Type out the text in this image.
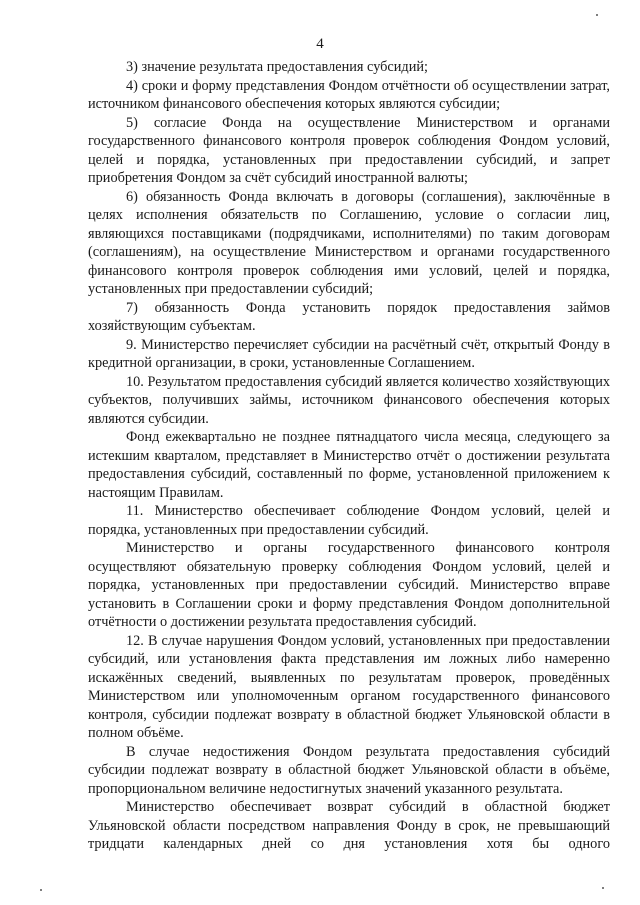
4

3) значение результата предоставления субсидий;

4) сроки и форму представления Фондом отчётности об осуществлении затрат, источником финансового обеспечения которых являются субсидии;

5) согласие Фонда на осуществление Министерством и органами государственного финансового контроля проверок соблюдения Фондом условий, целей и порядка, установленных при предоставлении субсидий, и запрет приобретения Фондом за счёт субсидий иностранной валюты;

6) обязанность Фонда включать в договоры (соглашения), заключённые в целях исполнения обязательств по Соглашению, условие о согласии лиц, являющихся поставщиками (подрядчиками, исполнителями) по таким договорам (соглашениям), на осуществление Министерством и органами государственного финансового контроля проверок соблюдения ими условий, целей и порядка, установленных при предоставлении субсидий;

7) обязанность Фонда установить порядок предоставления займов хозяйствующим субъектам.

9. Министерство перечисляет субсидии на расчётный счёт, открытый Фонду в кредитной организации, в сроки, установленные Соглашением.

10. Результатом предоставления субсидий является количество хозяйствующих субъектов, получивших займы, источником финансового обеспечения которых являются субсидии.

Фонд ежеквартально не позднее пятнадцатого числа месяца, следующего за истекшим кварталом, представляет в Министерство отчёт о достижении результата предоставления субсидий, составленный по форме, установленной приложением к настоящим Правилам.

11. Министерство обеспечивает соблюдение Фондом условий, целей и порядка, установленных при предоставлении субсидий.

Министерство и органы государственного финансового контроля осуществляют обязательную проверку соблюдения Фондом условий, целей и порядка, установленных при предоставлении субсидий. Министерство вправе установить в Соглашении сроки и форму представления Фондом дополнительной отчётности о достижении результата предоставления субсидий.

12. В случае нарушения Фондом условий, установленных при предоставлении субсидий, или установления факта представления им ложных либо намеренно искажённых сведений, выявленных по результатам проверок, проведённых Министерством или уполномоченным органом государственного финансового контроля, субсидии подлежат возврату в областной бюджет Ульяновской области в полном объёме.

В случае недостижения Фондом результата предоставления субсидий субсидии подлежат возврату в областной бюджет Ульяновской области в объёме, пропорциональном величине недостигнутых значений указанного результата.

Министерство обеспечивает возврат субсидий в областной бюджет Ульяновской области посредством направления Фонду в срок, не превышающий тридцати календарных дней со дня установления хотя бы одного
